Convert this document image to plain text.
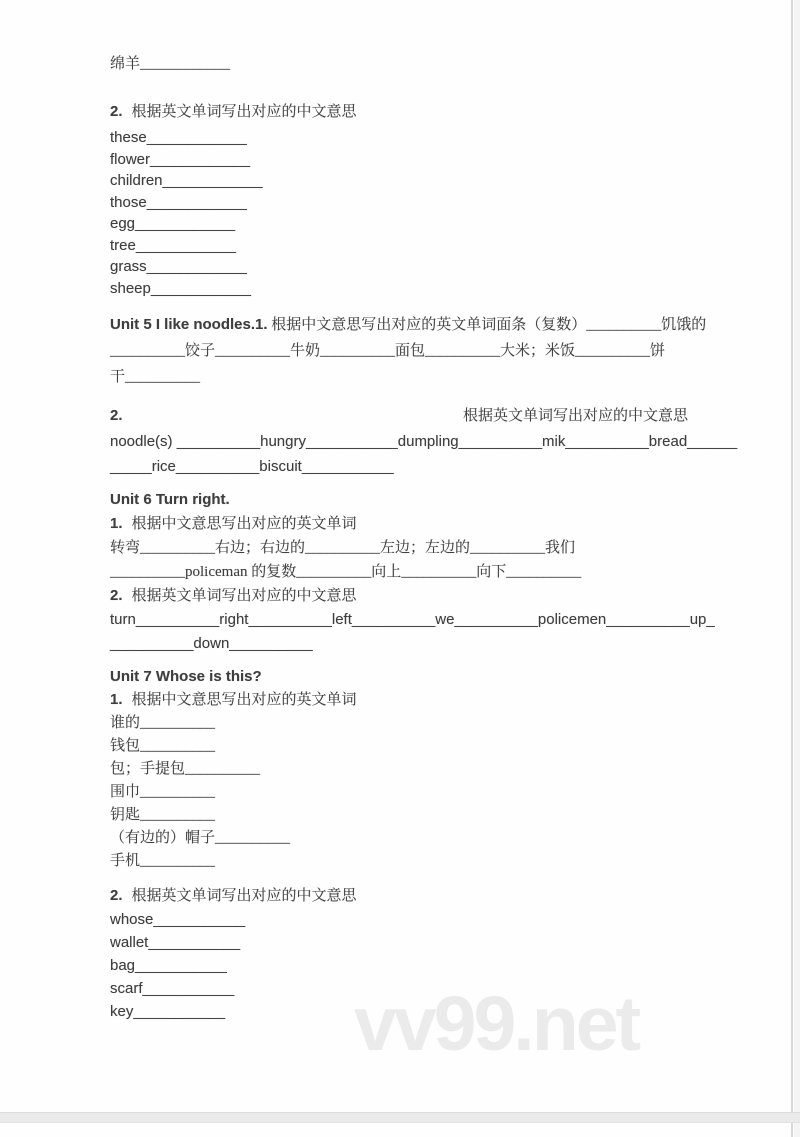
绵羊____________
2. 根据英文单词写出对应的中文意思
these____________
flower____________
children____________
those____________
egg____________
tree____________
grass____________
sheep____________
Unit 5 I like noodles.1. 根据中文意思写出对应的英文单词面条（复数）__________饥饿的
__________饺子__________牛奶__________面包__________大米；米饭__________饼
干__________
2.	根据英文单词写出对应的中文意思
noodle(s) __________hungry___________dumpling__________mik__________bread______
_____rice__________biscuit___________
Unit 6 Turn right.
1. 根据中文意思写出对应的英文单词
转弯__________右边；右边的__________左边；左边的__________我们
__________policeman 的复数__________向上__________向下__________
2. 根据英文单词写出对应的中文意思
turn__________right__________left__________we__________policemen__________up_
__________down__________
Unit 7 Whose is this?
1. 根据中文意思写出对应的英文单词
谁的__________
钱包__________
包；手提包__________
围巾__________
钥匙__________
（有边的）帽子__________
手机__________
2. 根据英文单词写出对应的中文意思
whose___________
wallet___________
bag___________
scarf___________
key___________	vv99.net
